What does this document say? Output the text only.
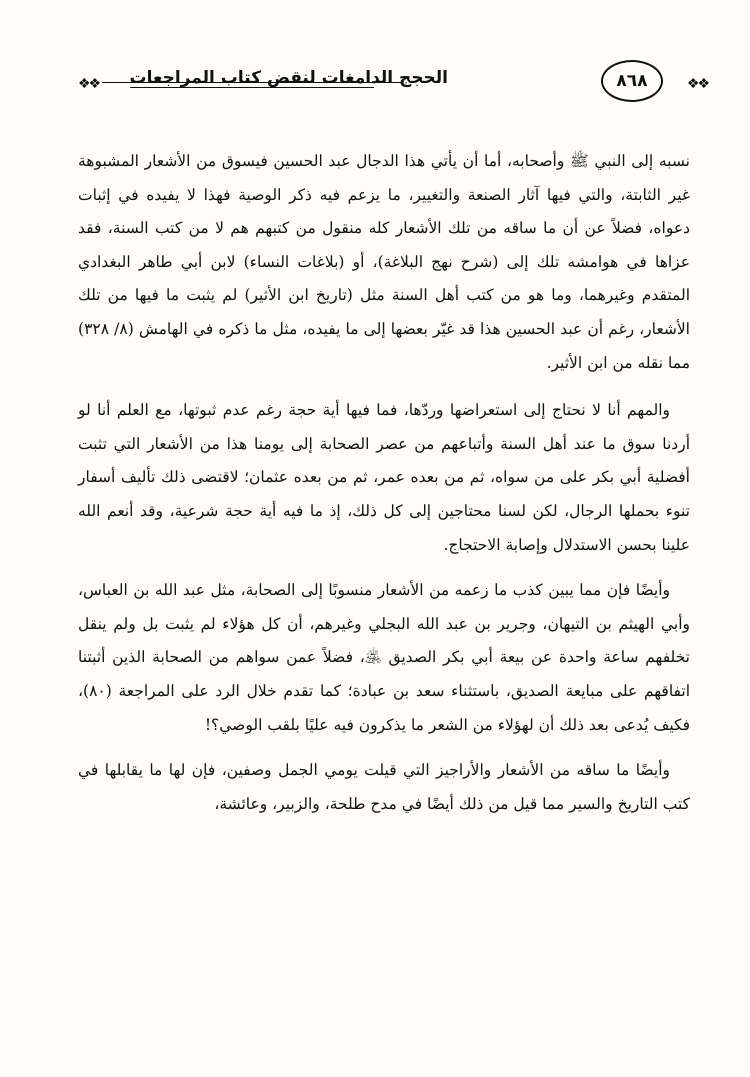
❖❖ الحجج الدامغات لنقض كتاب المراجعات	٨٦٨	❖❖

نسبه إلى النبي ﷺ وأصحابه، أما أن يأتي هذا الدجال عبد الحسين فيسوق من الأشعار المشبوهة غير الثابتة، والتي فيها آثار الصنعة والتغيير، ما يزعم فيه ذكر الوصية فهذا لا يفيده في إثبات دعواه، فضلاً عن أن ما ساقه من تلك الأشعار كله منقول من كتبهم هم لا من كتب السنة، فقد عزاها في هوامشه تلك إلى (شرح نهج البلاغة)، أو (بلاغات النساء) لابن أبي طاهر البغدادي المتقدم وغيرهما، وما هو من كتب أهل السنة مثل (تاريخ ابن الأثير) لم يثبت ما فيها من تلك الأشعار، رغم أن عبد الحسين هذا قد غيّر بعضها إلى ما يفيده، مثل ما ذكره في الهامش (٨/ ٣٢٨) مما نقله من ابن الأثير.

والمهم أنا لا نحتاج إلى استعراضها وردّها، فما فيها أية حجة رغم عدم ثبوتها، مع العلم أنا لو أردنا سوق ما عند أهل السنة وأتباعهم من عصر الصحابة إلى يومنا هذا من الأشعار التي تثبت أفضلية أبي بكر على من سواه، ثم من بعده عمر، ثم من بعده عثمان؛ لاقتضى ذلك تأليف أسفار تنوء بحملها الرجال، لكن لسنا محتاجين إلى كل ذلك، إذ ما فيه أية حجة شرعية، وقد أنعم الله علينا بحسن الاستدلال وإصابة الاحتجاج.

وأيضًا فإن مما يبين كذب ما زعمه من الأشعار منسوبًا إلى الصحابة، مثل عبد الله بن العباس، وأبي الهيثم بن التيهان، وجرير بن عبد الله البجلي وغيرهم، أن كل هؤلاء لم يثبت بل ولم ينقل تخلفهم ساعة واحدة عن بيعة أبي بكر الصديق ﵁، فضلاً عمن سواهم من الصحابة الذين أثبتنا اتفاقهم على مبايعة الصديق، باستثناء سعد بن عبادة؛ كما تقدم خلال الرد على المراجعة (٨٠)، فكيف يُدعى بعد ذلك أن لهؤلاء من الشعر ما يذكرون فيه عليًا بلقب الوصي؟!

وأيضًا ما ساقه من الأشعار والأراجيز التي قيلت يومي الجمل وصفين، فإن لها ما يقابلها في كتب التاريخ والسير مما قيل من ذلك أيضًا في مدح طلحة، والزبير، وعائشة،
